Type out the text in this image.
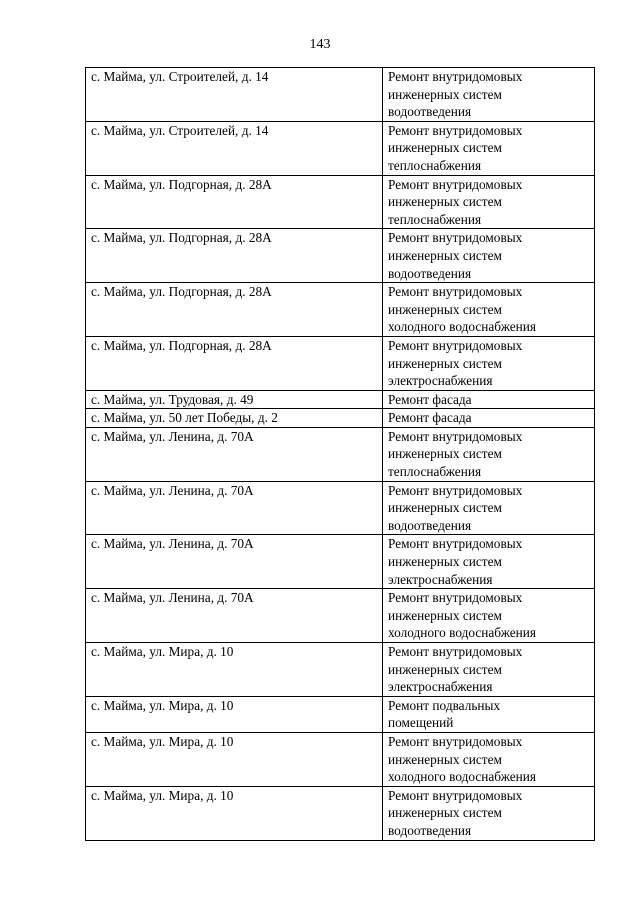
143
с. Майма, ул. Строителей, д. 14	Ремонт внутридомовых
инженерных систем
водоотведения
с. Майма, ул. Строителей, д. 14	Ремонт внутридомовых
инженерных систем
теплоснабжения
с. Майма, ул. Подгорная, д. 28А	Ремонт внутридомовых
инженерных систем
теплоснабжения
с. Майма, ул. Подгорная, д. 28А	Ремонт внутридомовых
инженерных систем
водоотведения
с. Майма, ул. Подгорная, д. 28А	Ремонт внутридомовых
инженерных систем
холодного водоснабжения
с. Майма, ул. Подгорная, д. 28А	Ремонт внутридомовых
инженерных систем
электроснабжения
с. Майма, ул. Трудовая, д. 49	Ремонт фасада
с. Майма, ул. 50 лет Победы, д. 2	Ремонт фасада
с. Майма, ул. Ленина, д. 70А	Ремонт внутридомовых
инженерных систем
теплоснабжения
с. Майма, ул. Ленина, д. 70А	Ремонт внутридомовых
инженерных систем
водоотведения
с. Майма, ул. Ленина, д. 70А	Ремонт внутридомовых
инженерных систем
электроснабжения
с. Майма, ул. Ленина, д. 70А	Ремонт внутридомовых
инженерных систем
холодного водоснабжения
с. Майма, ул. Мира, д. 10	Ремонт внутридомовых
инженерных систем
электроснабжения
с. Майма, ул. Мира, д. 10	Ремонт подвальных
помещений
с. Майма, ул. Мира, д. 10	Ремонт внутридомовых
инженерных систем
холодного водоснабжения
с. Майма, ул. Мира, д. 10	Ремонт внутридомовых
инженерных систем
водоотведения
